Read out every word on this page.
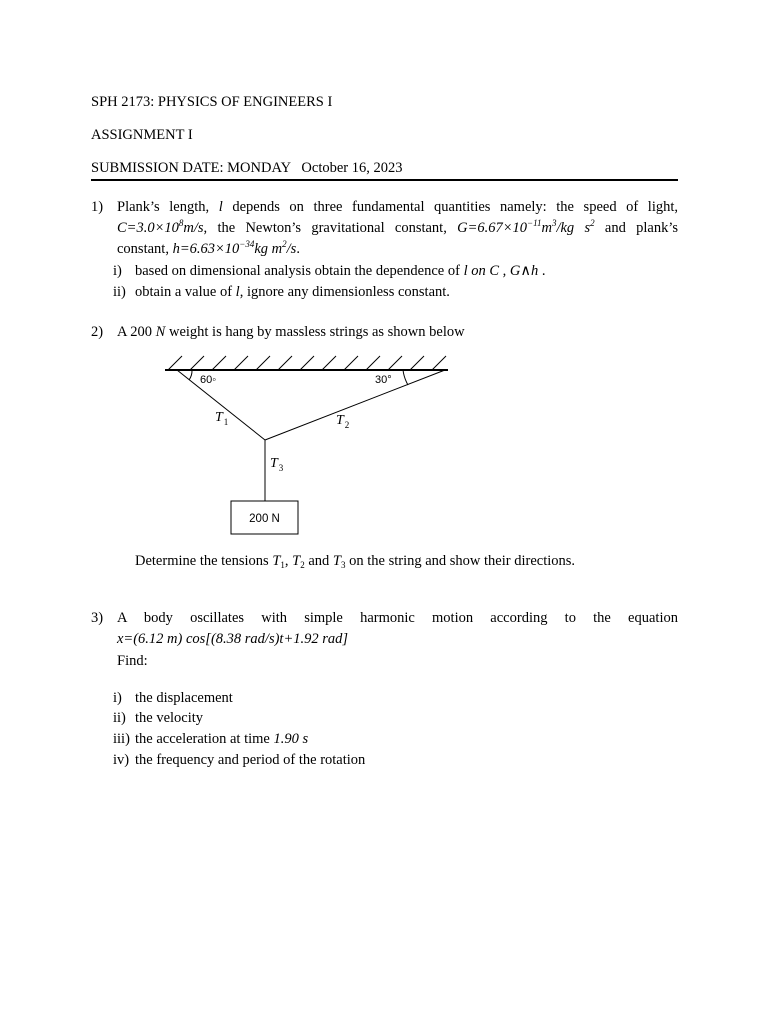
SPH 2173: PHYSICS OF ENGINEERS I
ASSIGNMENT I
SUBMISSION DATE: MONDAY   October 16, 2023
1) Plank’s length, l depends on three fundamental quantities namely: the speed of light, $C=3.0\times 10^8m/s$, the Newton’s gravitational constant, $G=6.67\times 10^{-11}m^3/kg$ $s^2$ and plank’s constant, $h=6.63\times 10^{-34}kg$ $m^2/s$.
i) based on dimensional analysis obtain the dependence of l on C , G∧h .
ii) obtain a value of l, ignore any dimensionless constant.
2) A 200 N weight is hang by massless strings as shown below
60◦	30°
$T_1$	$T_2$
$T_3$
200 N
Determine the tensions $T_1$, $T_2$ and $T_3$ on the string and show their directions.
3) A body oscillates with simple harmonic motion according to the equation
x=(6.12 m) cos[(8.38 rad/s)t+1.92 rad]
Find:
i) the displacement
ii) the velocity
iii) the acceleration at time 1.90 s
iv) the frequency and period of the rotation
